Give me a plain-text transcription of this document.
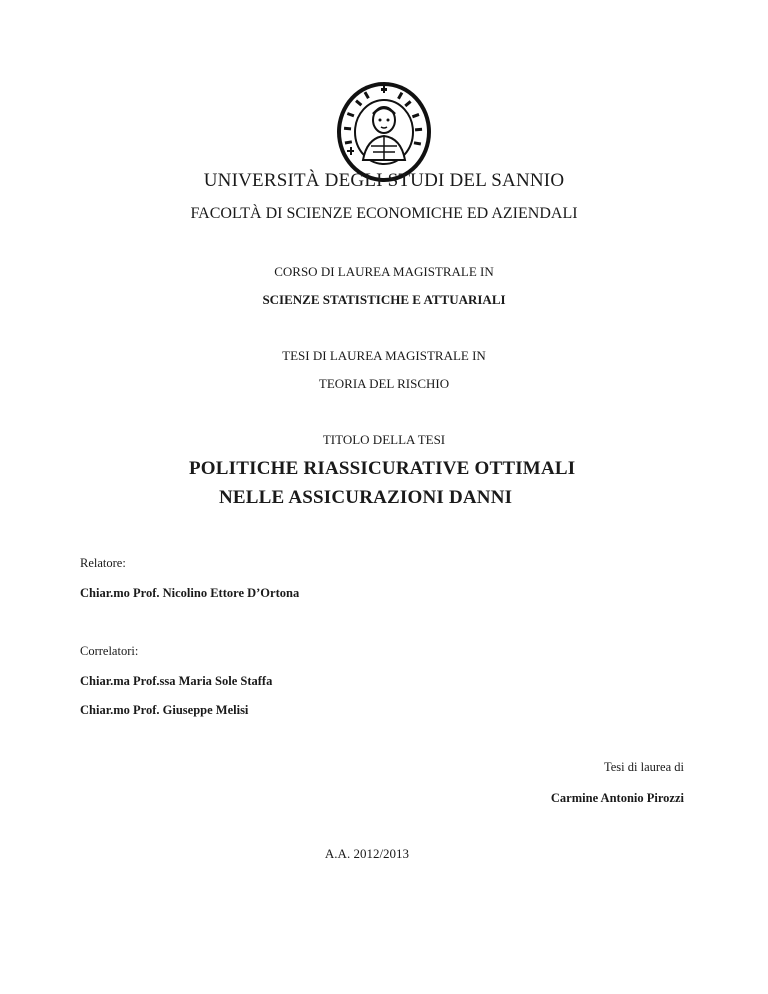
UNIVERSITÀ DEGLI STUDI DEL SANNIO
FACOLTÀ DI SCIENZE ECONOMICHE ED AZIENDALI
CORSO DI LAUREA MAGISTRALE IN
SCIENZE STATISTICHE E ATTUARIALI
TESI DI LAUREA MAGISTRALE IN
TEORIA DEL RISCHIO
TITOLO DELLA TESI
POLITICHE RIASSICURATIVE OTTIMALI
NELLE ASSICURAZIONI DANNI
Relatore:
Chiar.mo Prof. Nicolino Ettore D’Ortona
Correlatori:
Chiar.ma Prof.ssa Maria Sole Staffa
Chiar.mo Prof. Giuseppe Melisi
Tesi di laurea di
Carmine Antonio Pirozzi
A.A. 2012/2013
